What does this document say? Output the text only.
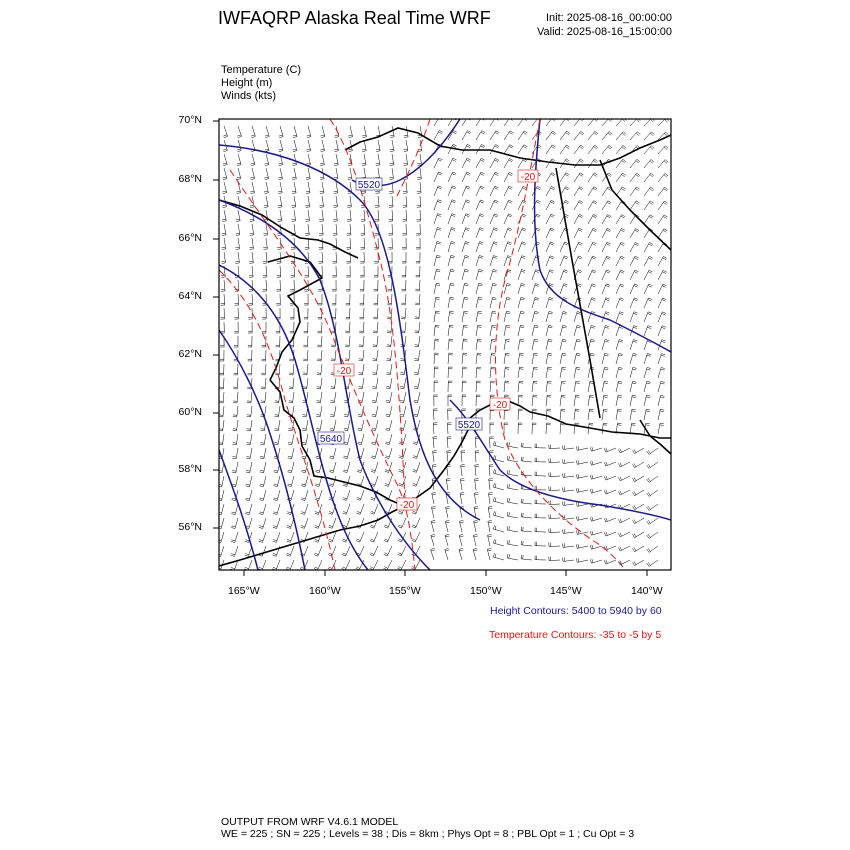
IWFAQRP Alaska Real Time WRF	Init: 2025-08-16_00:00:00
Valid: 2025-08-16_15:00:00
Temperature (C)
Height (m)
Winds (kts)
5520
5640
5520
-20
-20
-20
-20
70°N
68°N
66°N
64°N
62°N
60°N
58°N
56°N
165°W	160°W	155°W	150°W	145°W	140°W
Height Contours: 5400 to 5940 by 60
Temperature Contours: -35 to -5 by 5
OUTPUT FROM WRF V4.6.1 MODEL
WE = 225 ; SN = 225 ; Levels = 38 ; Dis = 8km ; Phys Opt = 8 ; PBL Opt = 1 ; Cu Opt = 3
